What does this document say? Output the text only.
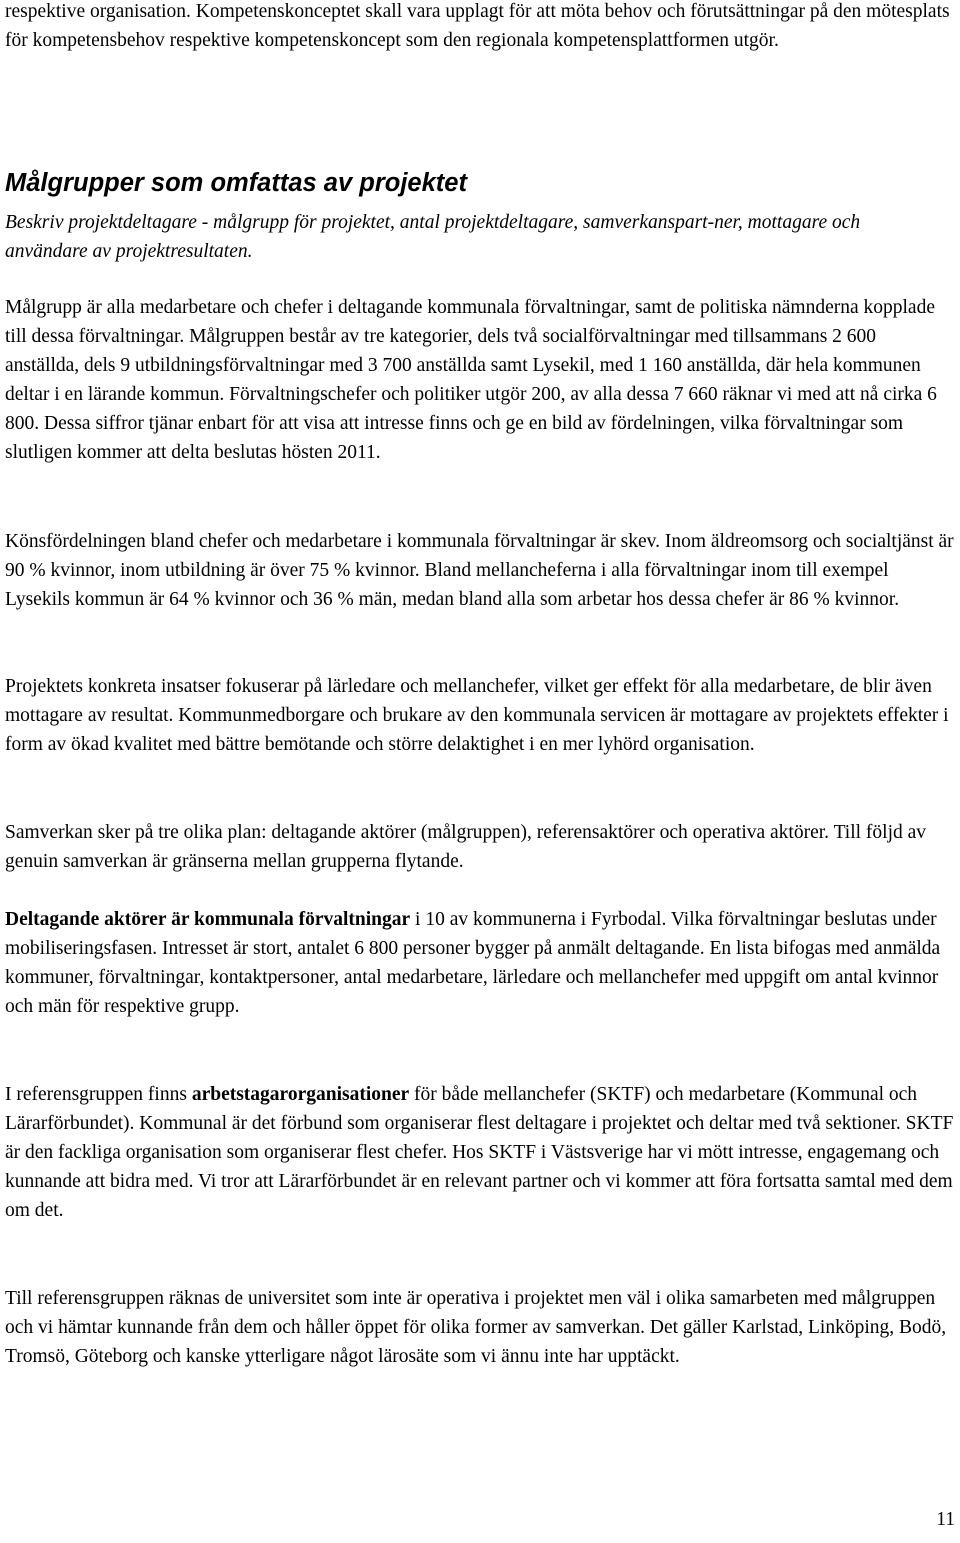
respektive organisation. Kompetenskonceptet skall vara upplagt för att möta behov och förutsättningar på den mötesplats för kompetensbehov respektive kompetenskoncept som den regionala kompetensplattformen utgör.

Målgrupper som omfattas av projektet

Beskriv projektdeltagare - målgrupp för projektet, antal projektdeltagare, samverkanspart-ner, mottagare och användare av projektresultaten.

Målgrupp är alla medarbetare och chefer i deltagande kommunala förvaltningar, samt de politiska nämnderna kopplade till dessa förvaltningar. Målgruppen består av tre kategorier, dels två socialförvaltningar med tillsammans 2 600 anställda, dels 9 utbildningsförvaltningar med 3 700 anställda samt Lysekil, med 1 160 anställda, där hela kommunen deltar i en lärande kommun. Förvaltningschefer och politiker utgör 200, av alla dessa 7 660 räknar vi med att nå cirka 6 800. Dessa siffror tjänar enbart för att visa att intresse finns och ge en bild av fördelningen, vilka förvaltningar som slutligen kommer att delta beslutas hösten 2011.

Könsfördelningen bland chefer och medarbetare i kommunala förvaltningar är skev. Inom äldreomsorg och socialtjänst är 90 % kvinnor, inom utbildning är över 75 % kvinnor. Bland mellancheferna i alla förvaltningar inom till exempel Lysekils kommun är 64 % kvinnor och 36 % män, medan bland alla som arbetar hos dessa chefer är 86 % kvinnor.

Projektets konkreta insatser fokuserar på lärledare och mellanchefer, vilket ger effekt för alla medarbetare, de blir även mottagare av resultat. Kommunmedborgare och brukare av den kommunala servicen är mottagare av projektets effekter i form av ökad kvalitet med bättre bemötande och större delaktighet i en mer lyhörd organisation.

Samverkan sker på tre olika plan: deltagande aktörer (målgruppen), referensaktörer och operativa aktörer. Till följd av genuin samverkan är gränserna mellan grupperna flytande.

Deltagande aktörer är kommunala förvaltningar i 10 av kommunerna i Fyrbodal. Vilka förvaltningar beslutas under mobiliseringsfasen. Intresset är stort, antalet 6 800 personer bygger på anmält deltagande. En lista bifogas med anmälda kommuner, förvaltningar, kontaktpersoner, antal medarbetare, lärledare och mellanchefer med uppgift om antal kvinnor och män för respektive grupp.

I referensgruppen finns arbetstagarorganisationer för både mellanchefer (SKTF) och medarbetare (Kommunal och Lärarförbundet). Kommunal är det förbund som organiserar flest deltagare i projektet och deltar med två sektioner. SKTF är den fackliga organisation som organiserar flest chefer. Hos SKTF i Västsverige har vi mött intresse, engagemang och kunnande att bidra med. Vi tror att Lärarförbundet är en relevant partner och vi kommer att föra fortsatta samtal med dem om det.

Till referensgruppen räknas de universitet som inte är operativa i projektet men väl i olika samarbeten med målgruppen och vi hämtar kunnande från dem och håller öppet för olika former av samverkan. Det gäller Karlstad, Linköping, Bodö, Tromsö, Göteborg och kanske ytterligare något lärosäte som vi ännu inte har upptäckt.

11
